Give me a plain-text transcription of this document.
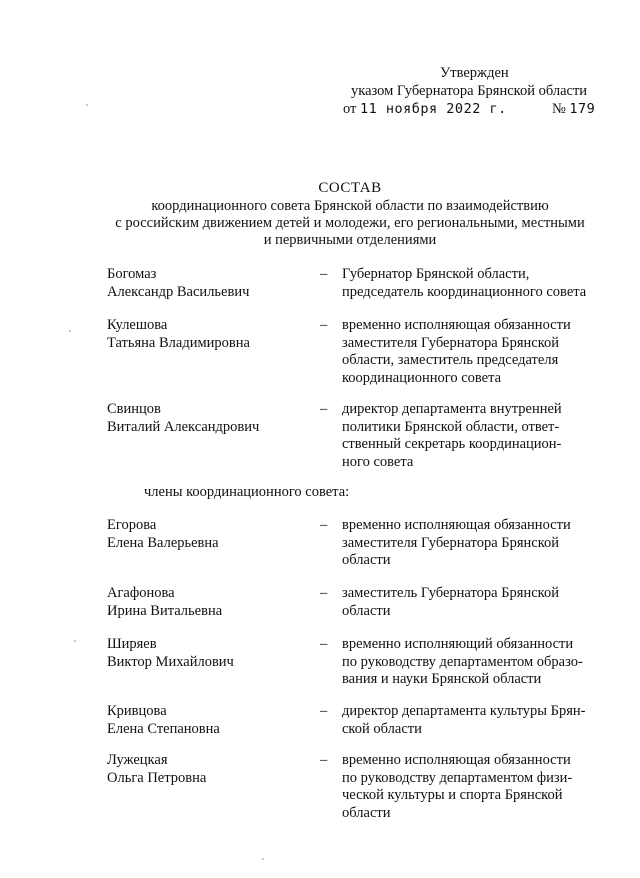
Утвержден
указом Губернатора Брянской области
от 11 ноября 2022 г.	№ 179
СОСТАВ
координационного совета Брянской области по взаимодействию
с российским движением детей и молодежи, его региональными, местными
и первичными отделениями
Богомаз
Александр Васильевич
–	Губернатор Брянской области,
председатель координационного совета
Кулешова
Татьяна Владимировна
–	временно исполняющая обязанности
заместителя Губернатора Брянской
области, заместитель председателя
координационного совета
Свинцов
Виталий Александрович
–	директор департамента внутренней
политики Брянской области, ответ-
ственный секретарь координацион-
ного совета
члены координационного совета:
Егорова
Елена Валерьевна
–	временно исполняющая обязанности
заместителя Губернатора Брянской
области
Агафонова
Ирина Витальевна
–	заместитель Губернатора Брянской
области
Ширяев
Виктор Михайлович
–	временно исполняющий обязанности
по руководству департаментом образо-
вания и науки Брянской области
Кривцова
Елена Степановна
–	директор департамента культуры Брян-
ской области
Лужецкая
Ольга Петровна
–	временно исполняющая обязанности
по руководству департаментом физи-
ческой культуры и спорта Брянской
области
